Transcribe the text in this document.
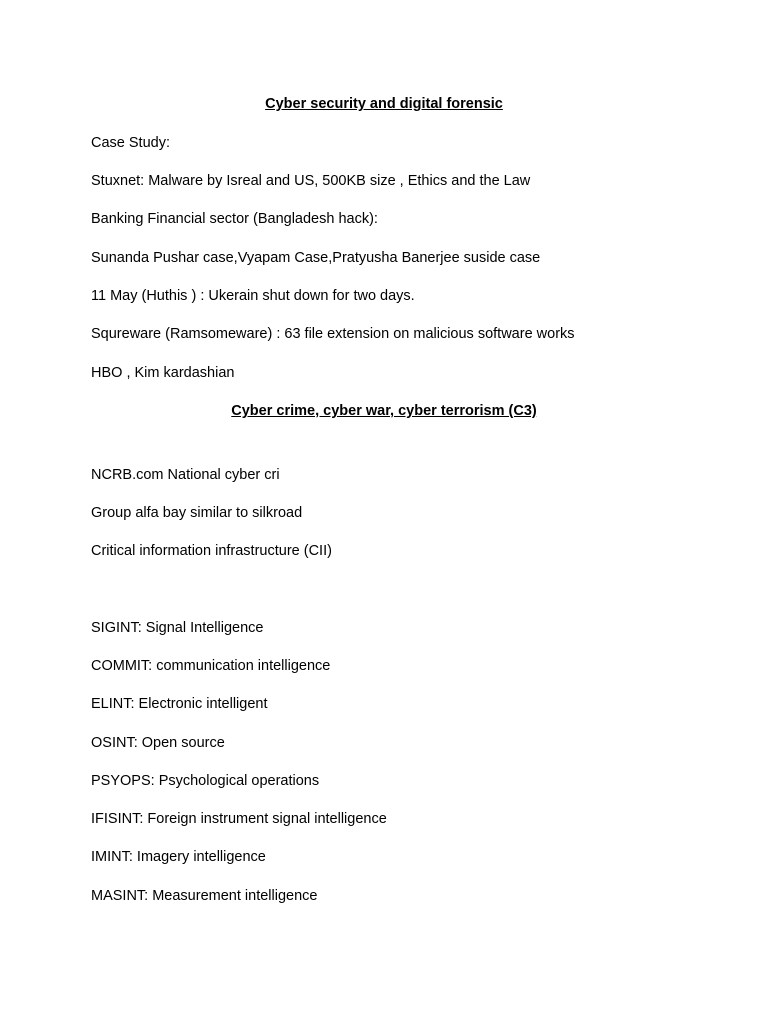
Cyber security and digital forensic
Case Study:
Stuxnet: Malware by Isreal and US, 500KB size , Ethics and the Law
Banking Financial sector (Bangladesh hack):
Sunanda Pushar case,Vyapam Case,Pratyusha Banerjee suside case
11 May (Huthis ) : Ukerain shut down for two days.
Squreware (Ramsomeware) : 63 file extension on malicious software works
HBO , Kim kardashian
Cyber crime, cyber war, cyber terrorism (C3)
NCRB.com National cyber cri
Group alfa bay similar to silkroad
Critical information infrastructure (CII)
SIGINT: Signal Intelligence
COMMIT: communication intelligence
ELINT: Electronic intelligent
OSINT: Open source
PSYOPS: Psychological operations
IFISINT: Foreign instrument signal intelligence
IMINT: Imagery intelligence
MASINT: Measurement intelligence
